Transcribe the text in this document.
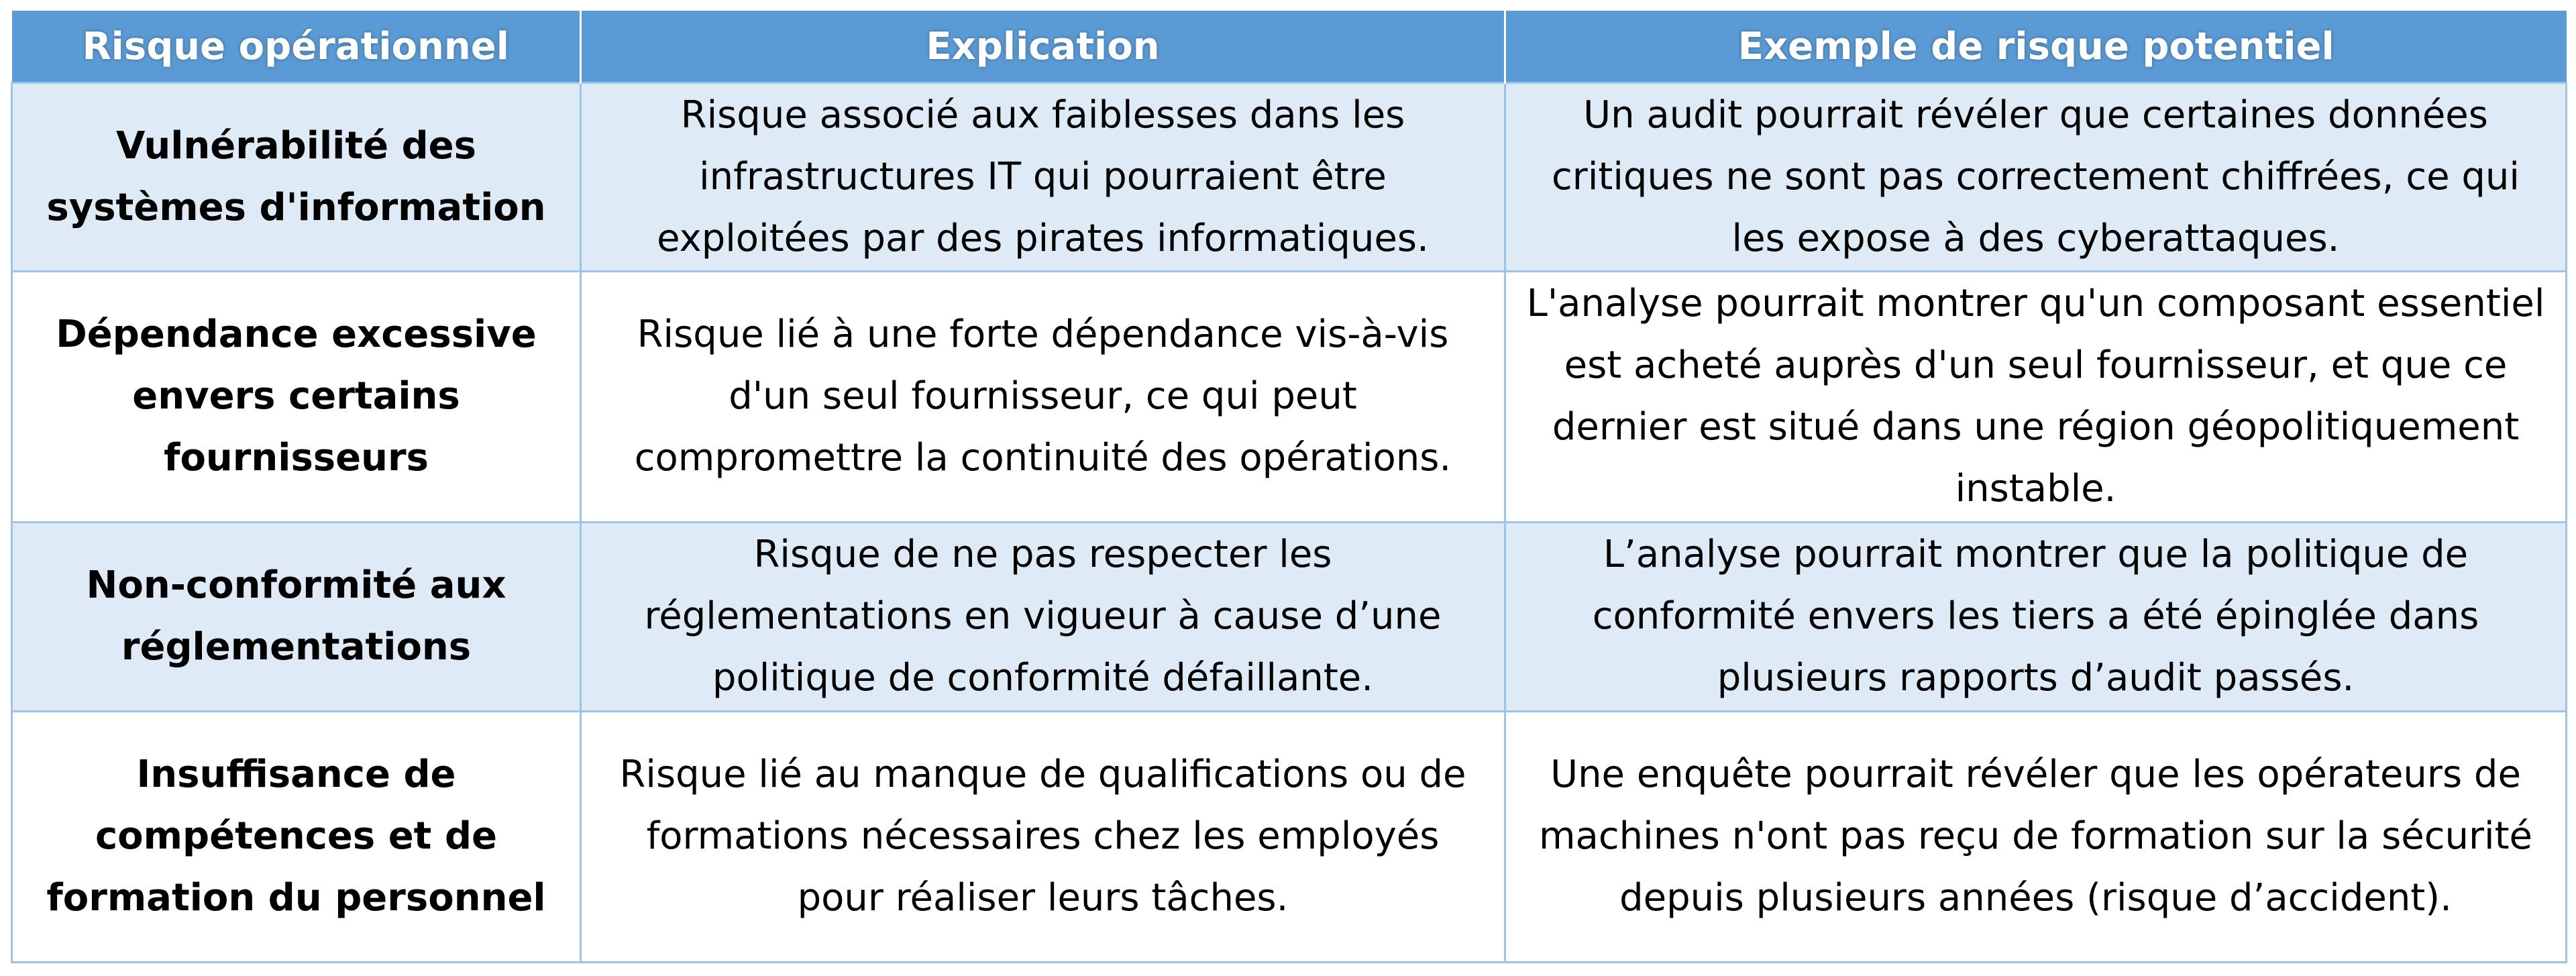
Risque opérationnel	Explication	Exemple de risque potentiel
Vulnérabilité des systèmes d'information	Risque associé aux faiblesses dans les infrastructures IT qui pourraient être exploitées par des pirates informatiques.	Un audit pourrait révéler que certaines données critiques ne sont pas correctement chiffrées, ce qui les expose à des cyberattaques.
Dépendance excessive envers certains fournisseurs	Risque lié à une forte dépendance vis-à-vis d'un seul fournisseur, ce qui peut compromettre la continuité des opérations.	L'analyse pourrait montrer qu'un composant essentiel est acheté auprès d'un seul fournisseur, et que ce dernier est situé dans une région géopolitiquement instable.
Non-conformité aux réglementations	Risque de ne pas respecter les réglementations en vigueur à cause d’une politique de conformité défaillante.	L’analyse pourrait montrer que la politique de conformité envers les tiers a été épinglée dans plusieurs rapports d’audit passés.
Insuffisance de compétences et de formation du personnel	Risque lié au manque de qualifications ou de formations nécessaires chez les employés pour réaliser leurs tâches.	Une enquête pourrait révéler que les opérateurs de machines n'ont pas reçu de formation sur la sécurité depuis plusieurs années (risque d’accident).
